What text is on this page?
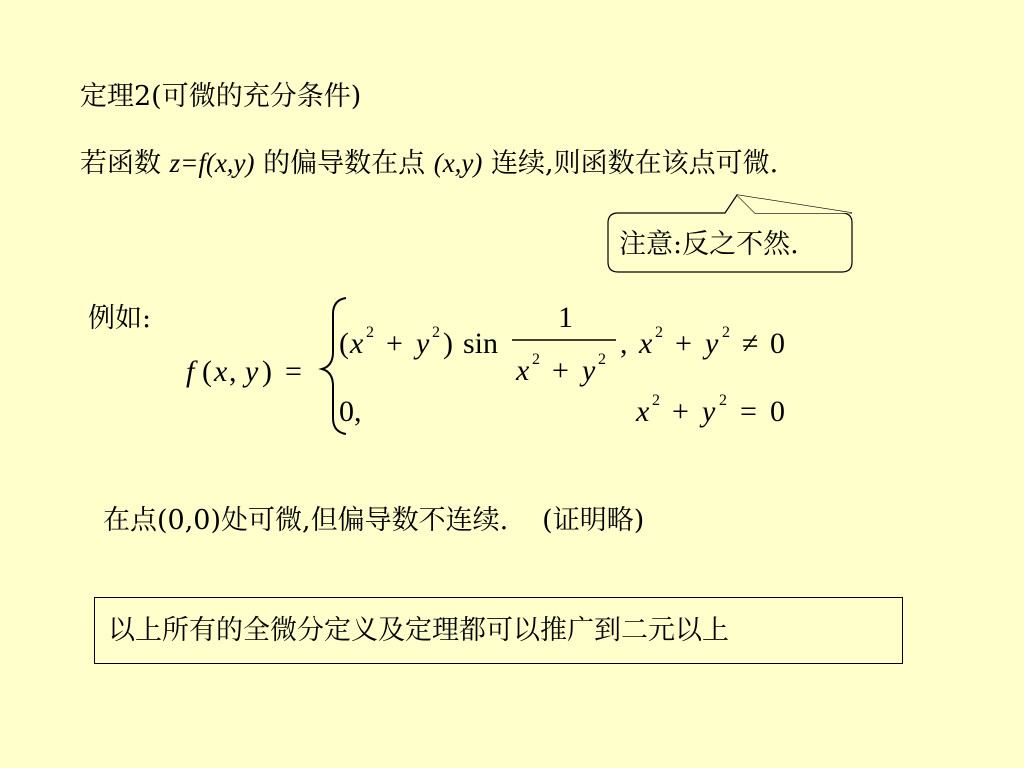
定理2(可微的充分条件)
若函数 z=f(x,y) 的偏导数在点 (x,y) 连续,则函数在该点可微.
注意:反之不然.
例如:
f ( x , y ) =
( x 2 + y 2 ) sin
1
x 2 + y 2 , x 2 + y 2 ≠ 0
0,	x 2 + y 2 = 0
在点(0,0)处可微,但偏导数不连续. (证明略)
以上所有的全微分定义及定理都可以推广到二元以上
